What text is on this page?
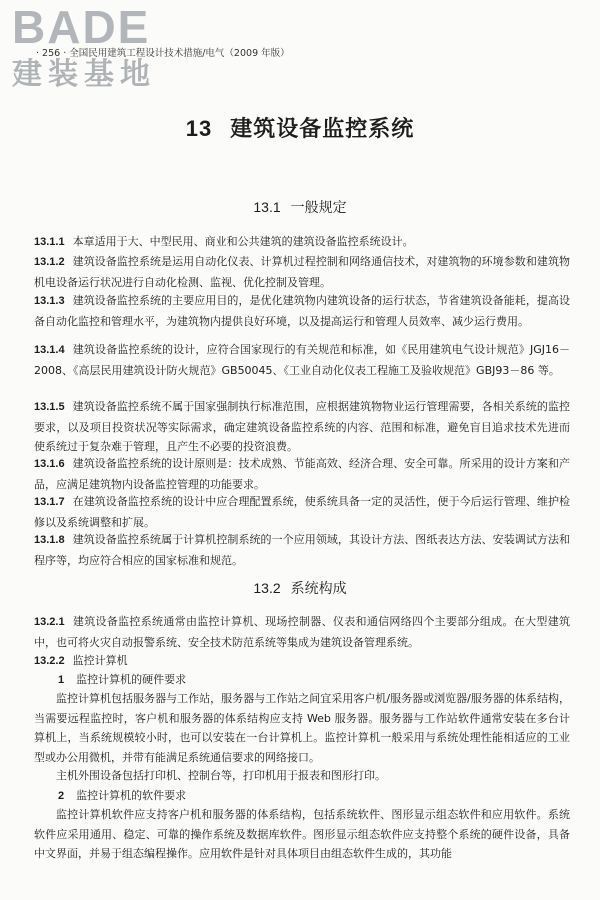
BADE
建装基地
· 256 · 全国民用建筑工程设计技术措施/电气（2009 年版）
13 建筑设备监控系统
13.1 一般规定

13.1.1 本章适用于大、中型民用、商业和公共建筑的建筑设备监控系统设计。

13.1.2 建筑设备监控系统是运用自动化仪表、计算机过程控制和网络通信技术，对建筑物的环境参数和建筑物机电设备运行状况进行自动化检测、监视、优化控制及管理。

13.1.3 建筑设备监控系统的主要应用目的，是优化建筑物内建筑设备的运行状态，节省建筑设备能耗，提高设备自动化监控和管理水平，为建筑物内提供良好环境，以及提高运行和管理人员效率、减少运行费用。

13.1.4 建筑设备监控系统的设计，应符合国家现行的有关规范和标准，如《民用建筑电气设计规范》JGJ16－2008、《高层民用建筑设计防火规范》GB50045、《工业自动化仪表工程施工及验收规范》GBJ93－86 等。

13.1.5 建筑设备监控系统不属于国家强制执行标准范围，应根据建筑物物业运行管理需要，各相关系统的监控要求，以及项目投资状况等实际需求，确定建筑设备监控系统的内容、范围和标准，避免盲目追求技术先进而使系统过于复杂难于管理，且产生不必要的投资浪费。

13.1.6 建筑设备监控系统的设计原则是：技术成熟、节能高效、经济合理、安全可靠。所采用的设计方案和产品，应满足建筑物内设备监控管理的功能要求。

13.1.7 在建筑设备监控系统的设计中应合理配置系统，使系统具备一定的灵活性，便于今后运行管理、维护检修以及系统调整和扩展。

13.1.8 建筑设备监控系统属于计算机控制系统的一个应用领域，其设计方法、图纸表达方法、安装调试方法和程序等，均应符合相应的国家标准和规范。

13.2 系统构成

13.2.1 建筑设备监控系统通常由监控计算机、现场控制器、仪表和通信网络四个主要部分组成。在大型建筑中，也可将火灾自动报警系统、安全技术防范系统等集成为建筑设备管理系统。

13.2.2 监控计算机

1 监控计算机的硬件要求

监控计算机包括服务器与工作站，服务器与工作站之间宜采用客户机/服务器或浏览器/服务器的体系结构，当需要远程监控时，客户机和服务器的体系结构应支持 Web 服务器。服务器与工作站软件通常安装在多台计算机上，当系统规模较小时，也可以安装在一台计算机上。监控计算机一般采用与系统处理性能相适应的工业型或办公用微机，并带有能满足系统通信要求的网络接口。

主机外围设备包括打印机、控制台等，打印机用于报表和图形打印。

2 监控计算机的软件要求

监控计算机软件应支持客户机和服务器的体系结构，包括系统软件、图形显示组态软件和应用软件。系统软件应采用通用、稳定、可靠的操作系统及数据库软件。图形显示组态软件应支持整个系统的硬件设备，具备中文界面，并易于组态编程操作。应用软件是针对具体项目由组态软件生成的，其功能
